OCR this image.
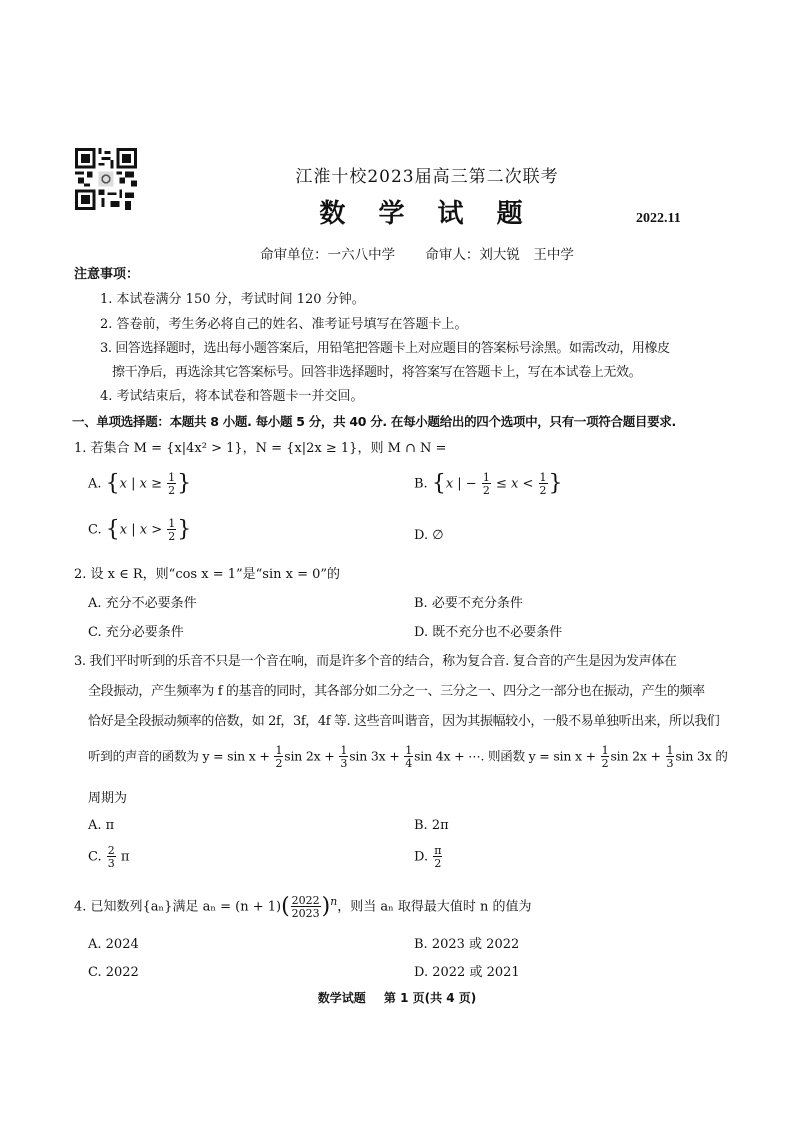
江淮十校2023届高三第二次联考
数 学 试 题	2022.11
命审单位：一六八中学 命审人：刘大锐　王中学
注意事项：
1. 本试卷满分 150 分，考试时间 120 分钟。
2. 答卷前，考生务必将自己的姓名、准考证号填写在答题卡上。
3. 回答选择题时，选出每小题答案后，用铅笔把答题卡上对应题目的答案标号涂黑。如需改动，用橡皮
擦干净后，再选涂其它答案标号。回答非选择题时，将答案写在答题卡上，写在本试卷上无效。
4. 考试结束后，将本试卷和答题卡一并交回。
一、单项选择题：本题共 8 小题. 每小题 5 分，共 40 分. 在每小题给出的四个选项中，只有一项符合题目要求.
1. 若集合 M = {x|4x² > 1}，N = {x|2x ≥ 1}，则 M ∩ N =
A. {x | $x \ge \frac{1}{2}$ }	B. {x | − $\frac{1}{2} \le x < \frac{1}{2}$ }
C. {x | $x > \frac{1}{2}$ }	D. ∅
2. 设 x ∈ R，则“cos x = 1”是“sin x = 0”的
A. 充分不必要条件	B. 必要不充分条件
C. 充分必要条件	D. 既不充分也不必要条件
3. 我们平时听到的乐音不只是一个音在响，而是许多个音的结合，称为复合音. 复合音的产生是因为发声体在
全段振动，产生频率为 f 的基音的同时，其各部分如二分之一、三分之一、四分之一部分也在振动，产生的频率
恰好是全段振动频率的倍数，如 2f，3f，4f 等. 这些音叫谐音，因为其振幅较小，一般不易单独听出来，所以我们
听到的声音的函数为 $y = \sin x + \frac{1}{2}$ $\sin 2x + \frac{1}{3}$ $\sin 3x + \frac{1}{4}$ sin 4x + ⋯. 则函数 $y = \sin x + \frac{1}{2}$ $\sin 2x + \frac{1}{3}$ sin 3x 的
周期为
A. π	B. 2π
C. $\frac{2}{3}$ π	D. $\frac{\pi}{2}$
4. 已知数列{aₙ}满足 $a_n = (n + 1)( \frac{2022}{2023} )^n$，则当 aₙ 取得最大值时 n 的值为
A. 2024	B. 2023 或 2022
C. 2022	D. 2022 或 2021
数学试题 第 1 页(共 4 页)
